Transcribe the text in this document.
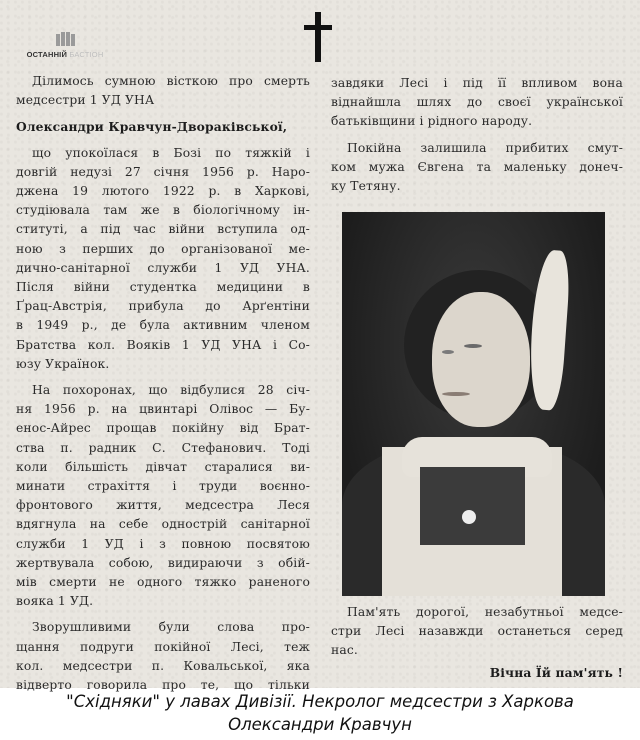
ОСТАННІЙ БАСТІОН
Ділимось сумною вісткою про смерть
медсестри 1 УД УНА
Олександри Кравчун-Дворaківської,
що упокоїлася в Бозі по тяжкій і
довгій недузі 27 січня 1956 р. Наро-
джена 19 лютого 1922 р. в Харкові,
студіювала там же в біологічному ін-
ституті, а під час війни вступила од-
ною з перших до організованої ме-
дично-санітарної служби 1 УД УНА.
Після війни студентка медицини в
Ґрац-Австрія, прибула до Арґентіни
в 1949 р., де була активним членом
Братства кол. Вояків 1 УД УНА і Со-
юзу Українок.
На похоронах, що відбулися 28 січ-
ня 1956 р. на цвинтарі Олівос — Бу-
енос-Айрес прощав покійну від Брат-
ства п. радник С. Стефанович. Тоді
коли більшість дівчат старалися ви-
минати страхіття і труди воєнно-
фронтового життя, медсестра Леся
вдягнула на себе однострій санітарної
служби 1 УД і з повною посвятою
жертвувала собою, видираючи з обій-
мів смерти не одного тяжко раненого
вояка 1 УД.
Зворушливими були слова про-
щання подруги покійної Лесі, теж
кол. медсестри п. Ковальської, яка
відверто говорила про те, що тільки
завдяки Лесі і під її впливом вона
віднайшла шлях до своєї української
батьківщини і рідного народу.
Покійна залишила прибитих смут-
ком мужа Євгена та маленьку донеч-
ку Тетяну.
Пам'ять дорогої, незабутньої медсе-
стри Лесі назавжди останеться серед
нас.
Вічна Їй пам'ять !
"Східняки" у лавах Дивізії. Некролог медсестри з Харкова
Олександри Кравчун
